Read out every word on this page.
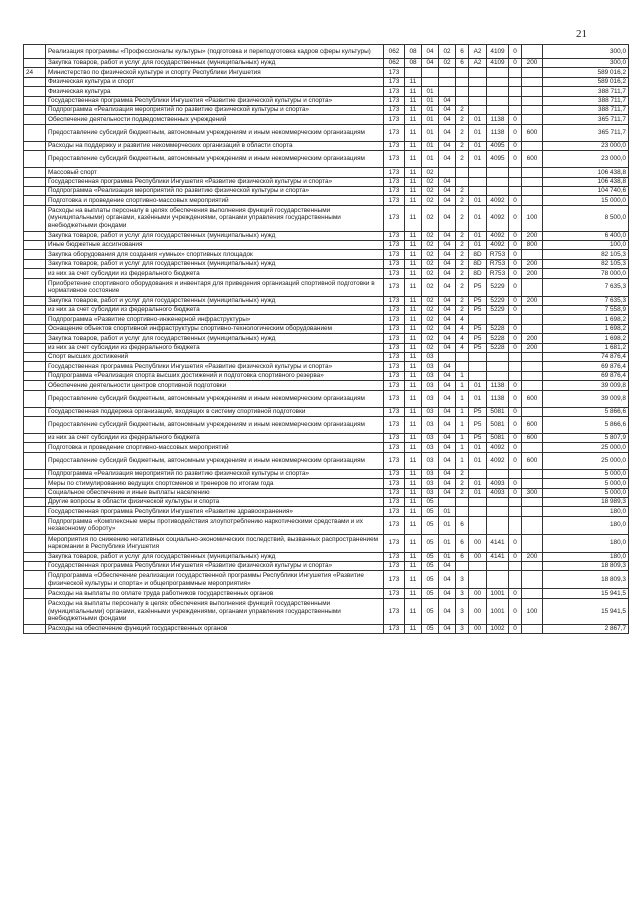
21
	Реализация программы «Профессионалы культуры» (подготовка и переподготовка кадров сферы культуры)	062	08	04	02	6	А2	4109	0		300,0
	Закупка товаров, работ и услуг для государственных (муниципальных) нужд	062	08	04	02	6	А2	4109	0	200	300,0
24	Министерство по физической культуре и спорту Республики Ингушетия	173									589 016,2
	Физическая культура и спорт	173	11								589 016,2
	Физическая культура	173	11	01							388 711,7
	Государственная программа Республики Ингушетия «Развитие физической культуры и спорта»	173	11	01	04						388 711,7
	Подпрограмма «Реализация мероприятий по развитию физической культуры и спорта»	173	11	01	04	2					388 711,7
	Обеспечение деятельности подведомственных учреждений	173	11	01	04	2	01	1138	0		365 711,7
	Предоставление субсидий бюджетным, автономным учреждениям и иным некоммерческим организациям	173	11	01	04	2	01	1138	0	600	365 711,7
	Расходы на поддержку и развитие некоммерческих организаций в области спорта	173	11	01	04	2	01	4095	0		23 000,0
	Предоставление субсидий бюджетным, автономным учреждениям и иным некоммерческим организациям	173	11	01	04	2	01	4095	0	600	23 000,0
	Массовый спорт	173	11	02							106 438,8
	Государственная программа Республики Ингушетия «Развитие физической культуры и спорта»	173	11	02	04						106 438,8
	Подпрограмма «Реализация мероприятий по развитию физической культуры и спорта»	173	11	02	04	2					104 740,6
	Подготовка и проведение спортивно-массовых мероприятий	173	11	02	04	2	01	4092	0		15 000,0
	Расходы на выплаты персоналу в целях обеспечения выполнения функций государственными (муниципальными) органами, казёнными учреждениями, органами управления государственными внебюджетными фондами	173	11	02	04	2	01	4092	0	100	8 500,0
	Закупка товаров, работ и услуг для государственных (муниципальных) нужд	173	11	02	04	2	01	4092	0	200	6 400,0
	Иные бюджетные ассигнования	173	11	02	04	2	01	4092	0	800	100,0
	Закупка оборудования для создания «умных» спортивных площадок	173	11	02	04	2	8D	R753	0		82 105,3
	Закупка товаров, работ и услуг для государственных (муниципальных) нужд	173	11	02	04	2	8D	R753	0	200	82 105,3
	из них за счет субсидии из федерального бюджета	173	11	02	04	2	8D	R753	0	200	78 000,0
	Приобретение спортивного оборудования и инвентаря для приведения организаций спортивной подготовки в нормативное состояние	173	11	02	04	2	P5	5229	0		7 635,3
	Закупка товаров, работ и услуг для государственных (муниципальных) нужд	173	11	02	04	2	P5	5229	0	200	7 635,3
	из них за счет субсидии из федерального бюджета	173	11	02	04	2	P5	5229	0		7 558,9
	Подпрограмма «Развитие спортивно-инженерной инфраструктуры»	173	11	02	04	4					1 698,2
	Оснащение объектов спортивной инфраструктуры спортивно-технологическим оборудованием	173	11	02	04	4	P5	5228	0		1 698,2
	Закупка товаров, работ и услуг для государственных (муниципальных) нужд	173	11	02	04	4	P5	5228	0	200	1 698,2
	из них за счет субсидии из федерального бюджета	173	11	02	04	4	P5	5228	0	200	1 681,2
	Спорт высших достижений	173	11	03							74 876,4
	Государственная программа Республики Ингушетия «Развитие физической культуры и спорта»	173	11	03	04						69 876,4
	Подпрограмма «Реализация спорта высших достижений и подготовка спортивного резерва»	173	11	03	04	1					69 876,4
	Обеспечение деятельности центров спортивной подготовки	173	11	03	04	1	01	1138	0		39 009,8
	Предоставление субсидий бюджетным, автономным учреждениям и иным некоммерческим организациям	173	11	03	04	1	01	1138	0	600	39 009,8
	Государственная поддержка организаций, входящих в систему спортивной подготовки	173	11	03	04	1	P5	5081	0		5 866,6
	Предоставление субсидий бюджетным, автономным учреждениям и иным некоммерческим организациям	173	11	03	04	1	P5	5081	0	600	5 866,6
	из них за счет субсидии из федерального бюджета	173	11	03	04	1	P5	5081	0	600	5 807,9
	Подготовка и проведение спортивно-массовых мероприятий	173	11	03	04	1	01	4092	0		25 000,0
	Предоставление субсидий бюджетным, автономным учреждениям и иным некоммерческим организациям	173	11	03	04	1	01	4092	0	600	25 000,0
	Подпрограмма «Реализация мероприятий по развитию физической культуры и спорта»	173	11	03	04	2					5 000,0
	Меры по стимулированию ведущих спортсменов и тренеров по итогам года	173	11	03	04	2	01	4093	0		5 000,0
	Социальное обеспечение и иные выплаты населению	173	11	03	04	2	01	4093	0	300	5 000,0
	Другие вопросы в области физической культуры и спорта	173	11	05							18 989,3
	Государственная программа Республики Ингушетия «Развитие здравоохранения»	173	11	05	01						180,0
	Подпрограмма «Комплексные меры противодействия злоупотреблению наркотическими средствами и их незаконному обороту»	173	11	05	01	6					180,0
	Мероприятия по снижению негативных социально-экономических последствий, вызванных распространением наркомании в Республике Ингушетия	173	11	05	01	6	00	4141	0		180,0
	Закупка товаров, работ и услуг для государственных (муниципальных) нужд	173	11	05	01	6	00	4141	0	200	180,0
	Государственная программа Республики Ингушетия «Развитие физической культуры и спорта»	173	11	05	04						18 809,3
	Подпрограмма «Обеспечение реализации государственной программы Республики Ингушетия «Развитие физической культуры и спорта» и общепрограммные мероприятия»	173	11	05	04	3					18 809,3
	Расходы на выплаты по оплате труда работников государственных органов	173	11	05	04	3	00	1001	0		15 941,5
	Расходы на выплаты персоналу в целях обеспечения выполнения функций государственными (муниципальными) органами, казёнными учреждениями, органами управления государственными внебюджетными фондами	173	11	05	04	3	00	1001	0	100	15 941,5
	Расходы на обеспечение функций государственных органов	173	11	05	04	3	00	1002	0		2 867,7
